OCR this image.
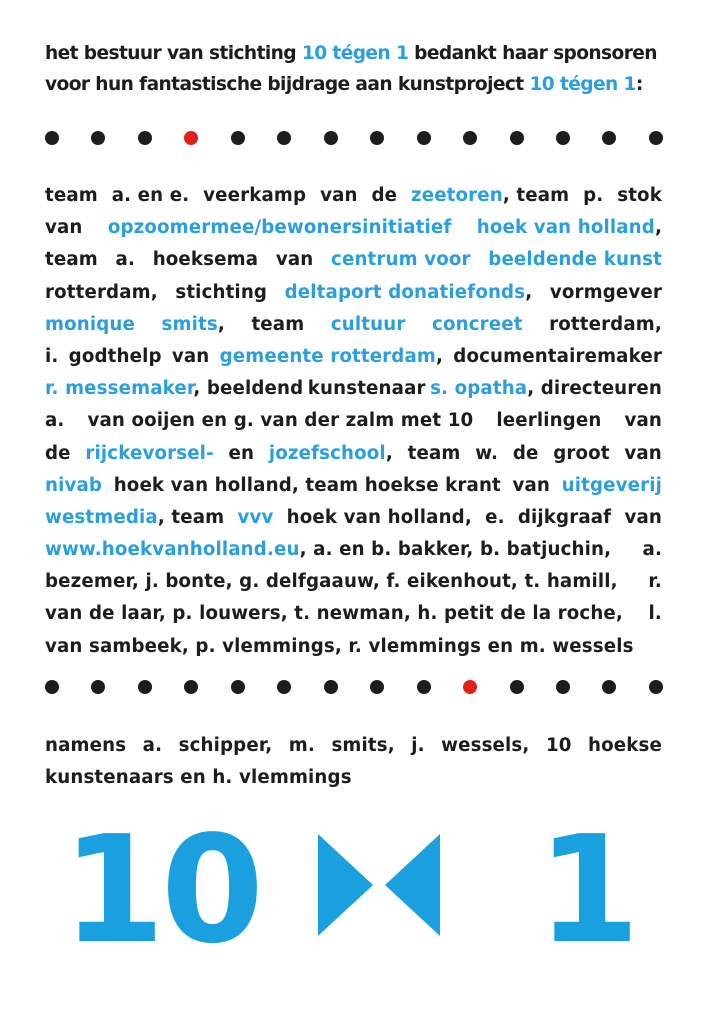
het bestuur van stichting 10 tégen 1 bedankt haar sponsoren
voor hun fantastische bijdrage aan kunstproject 10 tégen 1:
team a. en e. veerkamp van de zeetoren, team p. stok
van opzoomermee/bewonersinitiatief hoek van holland,
team a. hoeksema van centrum voor beeldende kunst
rotterdam, stichting deltaport donatiefonds, vormgever
monique smits, team cultuur concreet rotterdam,
i. godthelp van gemeente rotterdam, documentairemaker
r. messemaker, beeldend kunstenaar s. opatha, directeuren
a. van ooijen en g. van der zalm met 10 leerlingen van
de rijckevorsel- en jozefschool, team w. de groot van
nivab hoek van holland, team hoekse krant van uitgeverij
westmedia, team vvv hoek van holland, e. dijkgraaf van
www.hoekvanholland.eu, a. en b. bakker, b. batjuchin, a.
bezemer, j. bonte, g. delfgaauw, f. eikenhout, t. hamill, r.
van de laar, p. louwers, t. newman, h. petit de la roche, l.
van sambeek, p. vlemmings, r. vlemmings en m. wessels
namens a. schipper, m. smits, j. wessels, 10 hoekse
kunstenaars en h. vlemmings
10 1
